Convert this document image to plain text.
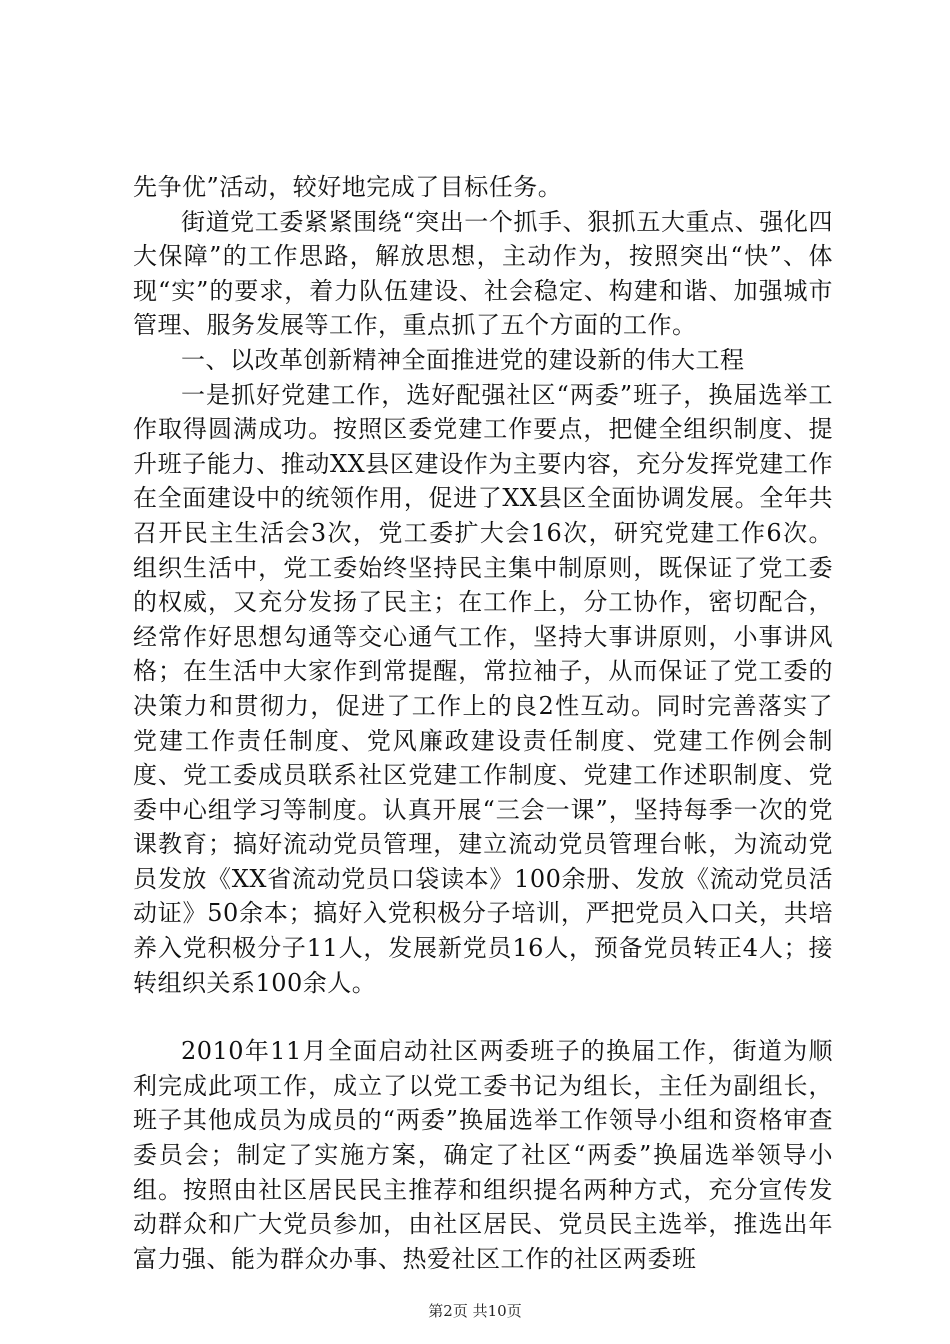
先争优”活动，较好地完成了目标任务。

街道党工委紧紧围绕“突出一个抓手、狠抓五大重点、强化四大保障”的工作思路，解放思想，主动作为，按照突出“快”、体现“实”的要求，着力队伍建设、社会稳定、构建和谐、加强城市管理、服务发展等工作，重点抓了五个方面的工作。

一、以改革创新精神全面推进党的建设新的伟大工程

一是抓好党建工作，选好配强社区“两委”班子，换届选举工作取得圆满成功。按照区委党建工作要点，把健全组织制度、提升班子能力、推动XX县区建设作为主要内容，充分发挥党建工作在全面建设中的统领作用，促进了XX县区全面协调发展。全年共召开民主生活会3次，党工委扩大会16次，研究党建工作6次。组织生活中，党工委始终坚持民主集中制原则，既保证了党工委的权威，又充分发扬了民主；在工作上，分工协作，密切配合，经常作好思想勾通等交心通气工作，坚持大事讲原则，小事讲风格；在生活中大家作到常提醒，常拉袖子，从而保证了党工委的决策力和贯彻力，促进了工作上的良2性互动。同时完善落实了党建工作责任制度、党风廉政建设责任制度、党建工作例会制度、党工委成员联系社区党建工作制度、党建工作述职制度、党委中心组学习等制度。认真开展“三会一课”，坚持每季一次的党课教育；搞好流动党员管理，建立流动党员管理台帐，为流动党员发放《XX省流动党员口袋读本》100余册、发放《流动党员活动证》50余本；搞好入党积极分子培训，严把党员入口关，共培养入党积极分子11人，发展新党员16人，预备党员转正4人；接转组织关系100余人。

2010年11月全面启动社区两委班子的换届工作，街道为顺利完成此项工作，成立了以党工委书记为组长，主任为副组长，班子其他成员为成员的“两委”换届选举工作领导小组和资格审查委员会；制定了实施方案，确定了社区“两委”换届选举领导小组。按照由社区居民民主推荐和组织提名两种方式，充分宣传发动群众和广大党员参加，由社区居民、党员民主选举，推选出年富力强、能为群众办事、热爱社区工作的社区两委班

第2页 共10页
